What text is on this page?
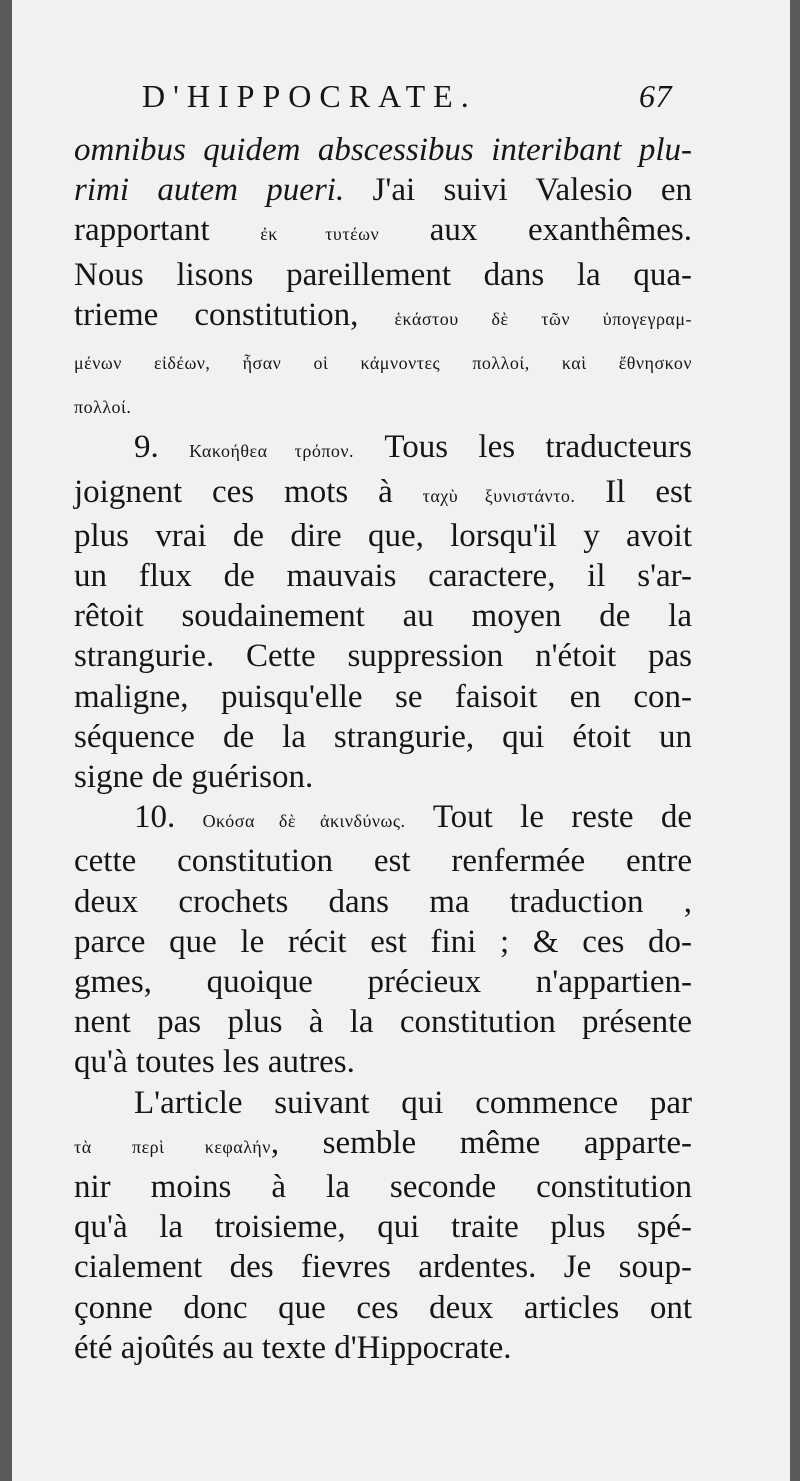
D'HIPPOCRATE.	67
omnibus quidem abscessibus interibant plu-
rimi autem pueri. J'ai suivi Valesio en
rapportant ἐκ τυτέων aux exanthêmes.
Nous lisons pareillement dans la qua-
trieme constitution, ἑκάστου δὲ τῶν ὑπογεγραμ-
μένων εἰδέων, ἦσαν οἱ κάμνοντες πολλοί, καὶ ἔθνησκον
πολλοί.
9. Κακοήθεα τρόπον. Tous les traducteurs
joignent ces mots à ταχὺ ξυνιστάντο. Il est
plus vrai de dire que, lorsqu'il y avoit
un flux de mauvais caractere, il s'ar-
rêtoit soudainement au moyen de la
strangurie. Cette suppression n'étoit pas
maligne, puisqu'elle se faisoit en con-
séquence de la strangurie, qui étoit un
signe de guérison.
10. Οκόσα δὲ ἀκινδύνως. Tout le reste de
cette constitution est renfermée entre
deux crochets dans ma traduction ,
parce que le récit est fini ; & ces do-
gmes, quoique précieux n'appartien-
nent pas plus à la constitution présente
qu'à toutes les autres.
L'article suivant qui commence par
τὰ περὶ κεφαλήν, semble même apparte-
nir moins à la seconde constitution
qu'à la troisieme, qui traite plus spé-
cialement des fievres ardentes. Je soup-
çonne donc que ces deux articles ont
été ajoûtés au texte d'Hippocrate.
